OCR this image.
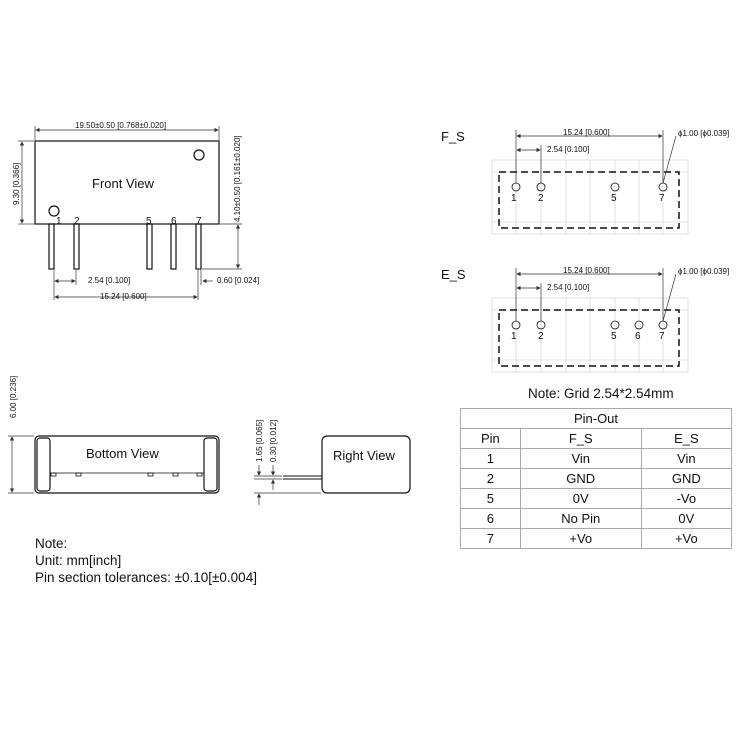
Front View
1 2	5 6 7
19.50±0.50 [0.768±0.020]
9.30 [0.366]	4.10±0.50 [0.161±0.020]
2.54 [0.100]
15.24 [0.600]
0.60 [0.024]
Bottom View
6.00 [0.236]
Right View
1.65 [0.065] 0.30 [0.012]
F_S
1 2	5	7
15.24 [0.600]
2.54 [0.100]
ϕ1.00 [ϕ0.039]
E_S
1 2	5 6 7
15.24 [0.600]
2.54 [0.100]
ϕ1.00 [ϕ0.039]
Note: Grid 2.54*2.54mm
Pin-Out		
Pin	F_S	E_S
1	Vin	Vin
2	GND	GND
5	0V	-Vo
6	No Pin	0V
7	+Vo	+Vo
Note:
Unit: mm[inch]
Pin section tolerances: ±0.10[±0.004]
